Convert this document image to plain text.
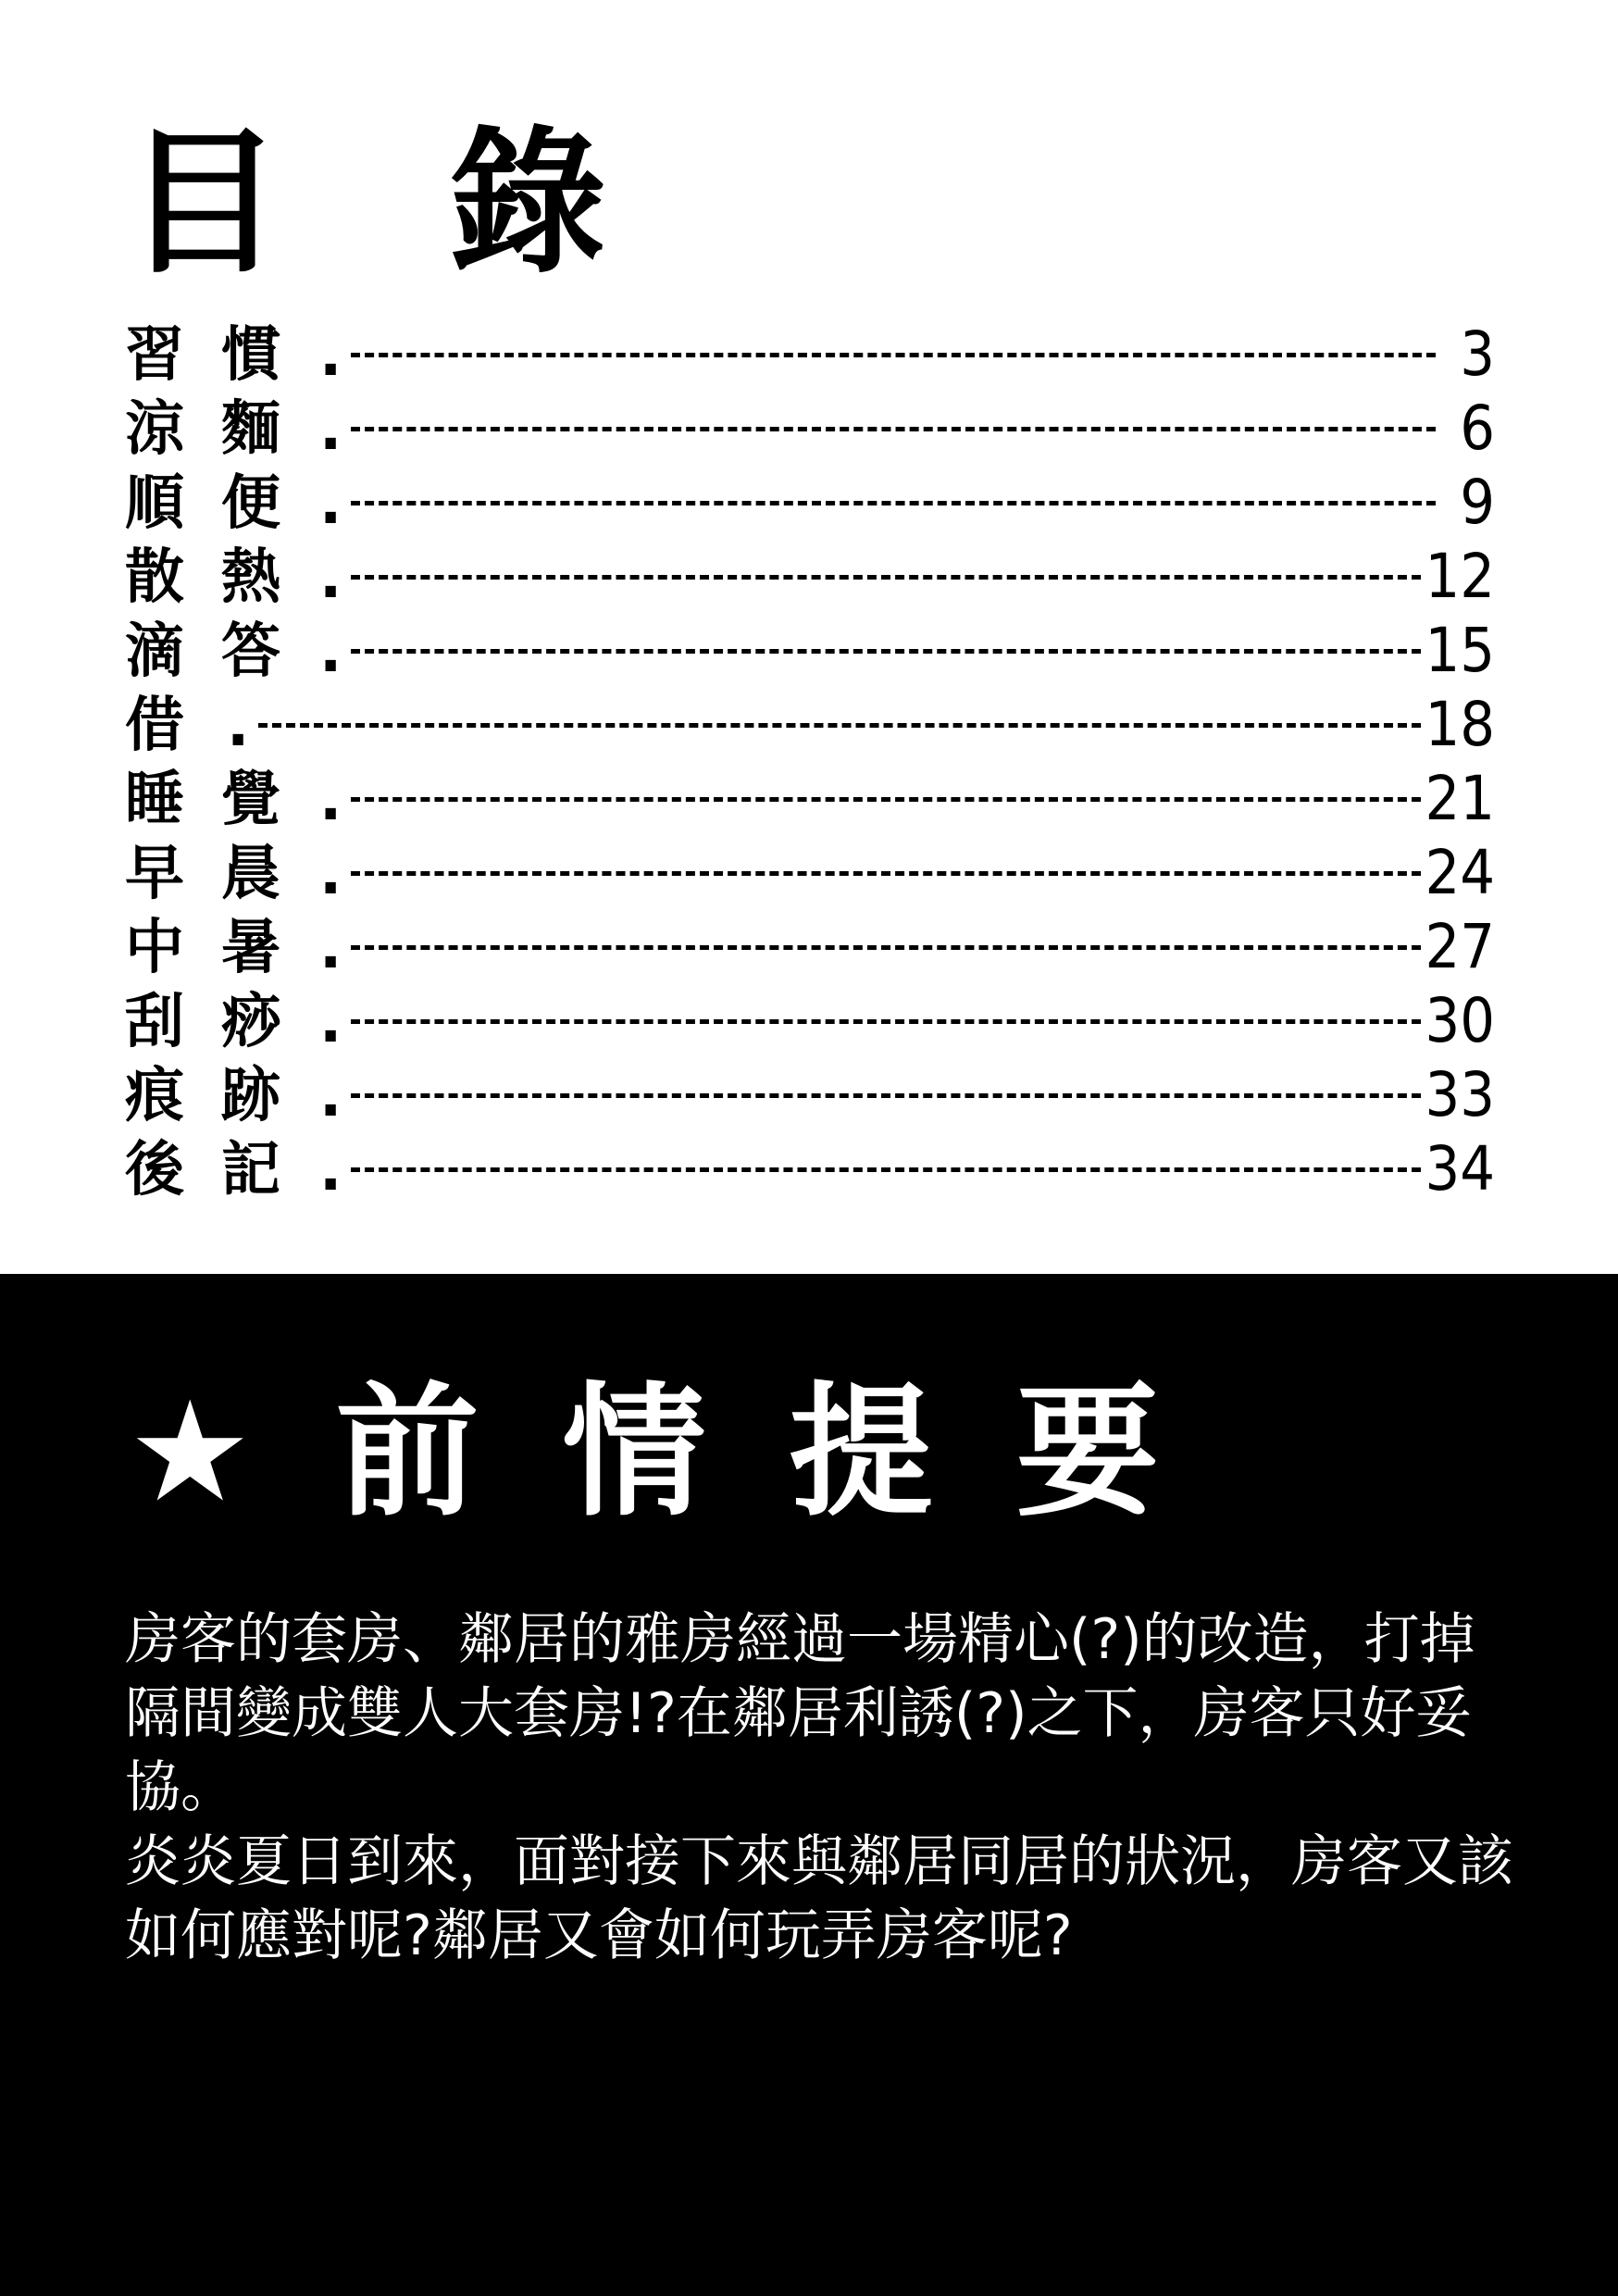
目錄
習慣 .	3
涼麵 .	6
順便 .	9
散熱 .	12
滴答 .	15
借 .	18
睡覺 .	21
早晨 .	24
中暑 .	27
刮痧 .	30
痕跡 .	33
後記 .	34
★ 前情提要

房客的套房、鄰居的雅房經過一場精心(?)的改造，打掉隔間變成雙人大套房!?在鄰居利誘(?)之下，房客只好妥協。

炎炎夏日到來，面對接下來與鄰居同居的狀況，房客又該如何應對呢?鄰居又會如何玩弄房客呢?
